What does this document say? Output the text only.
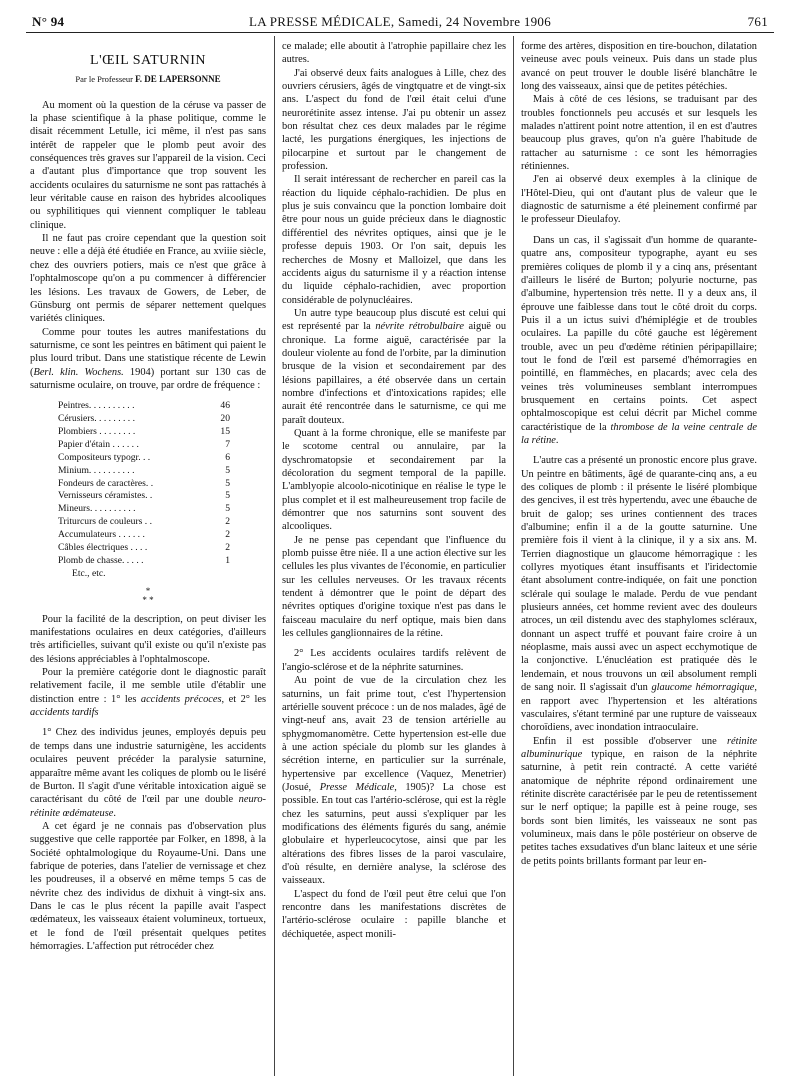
N° 94	LA PRESSE MÉDICALE, Samedi, 24 Novembre 1906	761
L'ŒIL SATURNIN
Par le Professeur F. DE LAPERSONNE

Au moment où la question de la céruse va passer de la phase scientifique à la phase politique, comme le disait récemment Letulle, ici même, il n'est pas sans intérêt de rappeler que le plomb peut avoir des conséquences très graves sur l'appareil de la vision. Ceci a d'autant plus d'importance que trop souvent les accidents oculaires du saturnisme ne sont pas rattachés à leur véritable cause en raison des hybrides alcooliques ou syphilitiques qui viennent compliquer le tableau clinique.

Il ne faut pas croire cependant que la question soit neuve : elle a déjà été étudiée en France, au xviiie siècle, chez des ouvriers potiers, mais ce n'est que grâce à l'ophtalmoscope qu'on a pu commencer à différencier les lésions. Les travaux de Gowers, de Leber, de Günsburg ont permis de séparer nettement quelques variétés cliniques.

Comme pour toutes les autres manifestations du saturnisme, ce sont les peintres en bâtiment qui paient le plus lourd tribut. Dans une statistique récente de Lewin (Berl. klin. Wochens. 1904) portant sur 130 cas de saturnisme oculaire, on trouve, par ordre de fréquence :

Peintres. . . . . . . . . .	46
Cérusiers. . . . . . . . .	20
Plombiers . . . . . . . .	15
Papier d'étain . . . . . .	7
Compositeurs typogr. . .	6
Minium. . . . . . . . . .	5
Fondeurs de caractères. .	5
Vernisseurs céramistes. .	5
Mineurs. . . . . . . . . .	5
Triturcurs de couleurs . .	2
Accumulateurs . . . . . .	2
Câbles électriques . . . .	2
Plomb de chasse. . . . .	1
Etc., etc.
*
* *

Pour la facilité de la description, on peut diviser les manifestations oculaires en deux catégories, d'ailleurs très artificielles, suivant qu'il existe ou qu'il n'existe pas des lésions appréciables à l'ophtalmoscope.

Pour la première catégorie dont le diagnostic paraît relativement facile, il me semble utile d'établir une distinction entre : 1° les accidents précoces, et 2° les accidents tardifs

1° Chez des individus jeunes, employés depuis peu de temps dans une industrie saturnigène, les accidents oculaires peuvent précéder la paralysie saturnine, apparaître même avant les coliques de plomb ou le liséré de Burton. Il s'agit d'une véritable intoxication aiguë se caractérisant du côté de l'œil par une double neuro-rétinite œdémateuse.

A cet égard je ne connais pas d'observation plus suggestive que celle rapportée par Folker, en 1898, à la Société ophtalmologique du Royaume-Uni. Dans une fabrique de poteries, dans l'atelier de vernissage et chez les poudreuses, il a observé en même temps 5 cas de névrite chez des individus de dixhuit à vingt-six ans. Dans le cas le plus récent la papille avait l'aspect œdémateux, les vaisseaux étaient volumineux, tortueux, et le fond de l'œil présentait quelques petites hémorragies. L'affection put rétrocéder chez

ce malade; elle aboutit à l'atrophie papillaire chez les autres.

J'ai observé deux faits analogues à Lille, chez des ouvriers cérusiers, âgés de vingtquatre et de vingt-six ans. L'aspect du fond de l'œil était celui d'une neurorétinite assez intense. J'ai pu obtenir un assez bon résultat chez ces deux malades par le régime lacté, les purgations énergiques, les injections de pilocarpine et surtout par le changement de profession.

Il serait intéressant de rechercher en pareil cas la réaction du liquide céphalo-rachidien. De plus en plus je suis convaincu que la ponction lombaire doit être pour nous un guide précieux dans le diagnostic différentiel des névrites optiques, ainsi que je le professe depuis 1903. Or l'on sait, depuis les recherches de Mosny et Malloizel, que dans les accidents aigus du saturnisme il y a réaction intense du liquide céphalo-rachidien, avec proportion considérable de polynucléaires.

Un autre type beaucoup plus discuté est celui qui est représenté par la névrite rétrobulbaire aiguë ou chronique. La forme aiguë, caractérisée par la douleur violente au fond de l'orbite, par la diminution brusque de la vision et secondairement par des lésions papillaires, a été observée dans un certain nombre d'infections et d'intoxications rapides; elle aurait été rencontrée dans le saturnisme, ce qui me paraît douteux.

Quant à la forme chronique, elle se manifeste par le scotome central ou annulaire, par la dyschromatopsie et secondairement par la décoloration du segment temporal de la papille. L'amblyopie alcoolo-nicotinique en réalise le type le plus complet et il est malheureusement trop facile de démontrer que nos saturnins sont souvent des alcooliques.

Je ne pense pas cependant que l'influence du plomb puisse être niée. Il a une action élective sur les cellules les plus vivantes de l'économie, en particulier sur les cellules nerveuses. Or les travaux récents tendent à démontrer que le point de départ des névrites optiques d'origine toxique n'est pas dans le faisceau maculaire du nerf optique, mais bien dans les cellules ganglionnaires de la rétine.

2° Les accidents oculaires tardifs relèvent de l'angio-sclérose et de la néphrite saturnines.

Au point de vue de la circulation chez les saturnins, un fait prime tout, c'est l'hypertension artérielle souvent précoce : un de nos malades, âgé de vingt-neuf ans, avait 23 de tension artérielle au sphygmomanomètre. Cette hypertension est-elle due à une action spéciale du plomb sur les glandes à sécrétion interne, en particulier sur la surrénale, hypertensive par excellence (Vaquez, Menetrier) (Josué, Presse Médicale, 1905)? La chose est possible. En tout cas l'artério-sclérose, qui est la règle chez les saturnins, peut aussi s'expliquer par les modifications des éléments figurés du sang, anémie globulaire et hyperleucocytose, ainsi que par les altérations des fibres lisses de la paroi vasculaire, d'où résulte, en dernière analyse, la sclérose des vaisseaux.

L'aspect du fond de l'œil peut être celui que l'on rencontre dans les manifestations discrètes de l'artério-sclérose oculaire : papille blanche et déchiquetée, aspect monili-

forme des artères, disposition en tire-bouchon, dilatation veineuse avec pouls veineux. Puis dans un stade plus avancé on peut trouver le double liséré blanchâtre le long des vaisseaux, ainsi que de petites pétéchies.

Mais à côté de ces lésions, se traduisant par des troubles fonctionnels peu accusés et sur lesquels les malades n'attirent point notre attention, il en est d'autres beaucoup plus graves, qu'on n'a guère l'habitude de rattacher au saturnisme : ce sont les hémorragies rétiniennes.

J'en ai observé deux exemples à la clinique de l'Hôtel-Dieu, qui ont d'autant plus de valeur que le diagnostic de saturnisme a été pleinement confirmé par le professeur Dieulafoy.

Dans un cas, il s'agissait d'un homme de quarante-quatre ans, compositeur typographe, ayant eu ses premières coliques de plomb il y a cinq ans, présentant d'ailleurs le liséré de Burton; polyurie nocturne, pas d'albumine, hypertension très nette. Il y a deux ans, il éprouve une faiblesse dans tout le côté droit du corps. Puis il a un ictus suivi d'hémiplégie et de troubles oculaires. La papille du côté gauche est légèrement trouble, avec un peu d'œdème rétinien péripapillaire; tout le fond de l'œil est parsemé d'hémorragies en pointillé, en flammèches, en placards; avec cela des veines très volumineuses semblant interrompues brusquement en certains points. Cet aspect ophtalmoscopique est celui décrit par Michel comme caractéristique de la thrombose de la veine centrale de la rétine.

L'autre cas a présenté un pronostic encore plus grave. Un peintre en bâtiments, âgé de quarante-cinq ans, a eu des coliques de plomb : il présente le liséré plombique des gencives, il est très hypertendu, avec une ébauche de bruit de galop; ses urines contiennent des traces d'albumine; enfin il a de la goutte saturnine. Une première fois il vient à la clinique, il y a six ans. M. Terrien diagnostique un glaucome hémorragique : les collyres myotiques étant insuffisants et l'iridectomie étant absolument contre-indiquée, on fait une ponction sclérale qui soulage le malade. Perdu de vue pendant plusieurs années, cet homme revient avec des douleurs atroces, un œil distendu avec des staphylomes scléraux, donnant un aspect truffé et pouvant faire croire à un néoplasme, mais aussi avec un aspect ecchymotique de la conjonctive. L'énucléation est pratiquée dès le lendemain, et nous trouvons un œil absolument rempli de sang noir. Il s'agissait d'un glaucome hémorragique, en rapport avec l'hypertension et les altérations vasculaires, s'étant terminé par une rupture de vaisseaux choroïdiens, avec inondation intraoculaire.

Enfin il est possible d'observer une rétinite albuminurique typique, en raison de la néphrite saturnine, à petit rein contracté. A cette variété anatomique de néphrite répond ordinairement une rétinite discrète caractérisée par le peu de retentissement sur le nerf optique; la papille est à peine rouge, ses bords sont bien limités, les vaisseaux ne sont pas volumineux, mais dans le pôle postérieur on observe de petites taches exsudatives d'un blanc laiteux et une série de petits points brillants formant par leur en-
